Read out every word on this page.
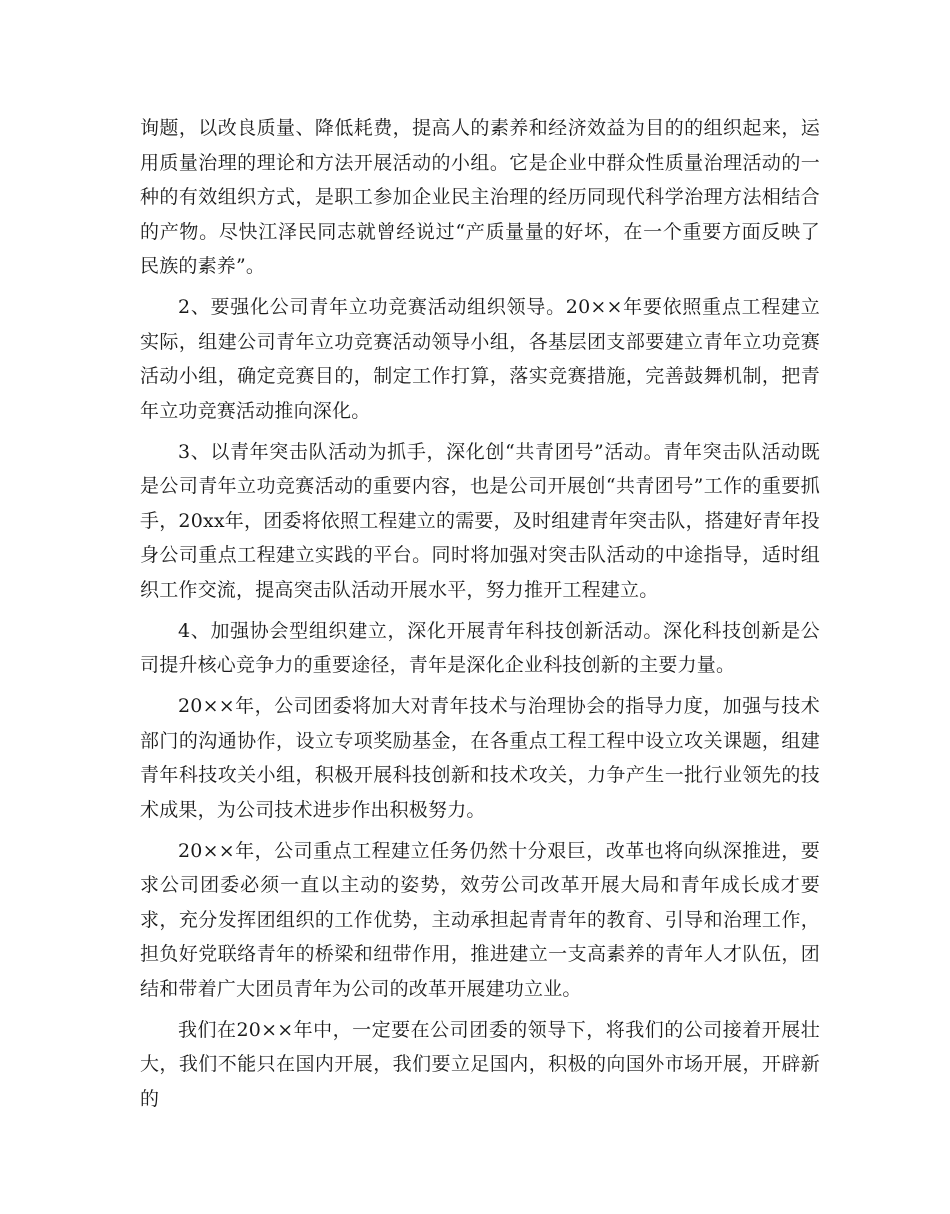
询题，以改良质量、降低耗费，提高人的素养和经济效益为目的的组织起来，运用质量治理的理论和方法开展活动的小组。它是企业中群众性质量治理活动的一种的有效组织方式，是职工参加企业民主治理的经历同现代科学治理方法相结合的产物。尽快江泽民同志就曾经说过“产质量量的好坏，在一个重要方面反映了民族的素养”。

2、要强化公司青年立功竞赛活动组织领导。20××年要依照重点工程建立实际，组建公司青年立功竞赛活动领导小组，各基层团支部要建立青年立功竞赛活动小组，确定竞赛目的，制定工作打算，落实竞赛措施，完善鼓舞机制，把青年立功竞赛活动推向深化。

3、以青年突击队活动为抓手，深化创“共青团号”活动。青年突击队活动既是公司青年立功竞赛活动的重要内容，也是公司开展创“共青团号”工作的重要抓手，20xx年，团委将依照工程建立的需要，及时组建青年突击队，搭建好青年投身公司重点工程建立实践的平台。同时将加强对突击队活动的中途指导，适时组织工作交流，提高突击队活动开展水平，努力推开工程建立。

4、加强协会型组织建立，深化开展青年科技创新活动。深化科技创新是公司提升核心竞争力的重要途径，青年是深化企业科技创新的主要力量。

20××年，公司团委将加大对青年技术与治理协会的指导力度，加强与技术部门的沟通协作，设立专项奖励基金，在各重点工程工程中设立攻关课题，组建青年科技攻关小组，积极开展科技创新和技术攻关，力争产生一批行业领先的技术成果，为公司技术进步作出积极努力。

20××年，公司重点工程建立任务仍然十分艰巨，改革也将向纵深推进，要求公司团委必须一直以主动的姿势，效劳公司改革开展大局和青年成长成才要求，充分发挥团组织的工作优势，主动承担起青青年的教育、引导和治理工作，担负好党联络青年的桥梁和纽带作用，推进建立一支高素养的青年人才队伍，团结和带着广大团员青年为公司的改革开展建功立业。

我们在20××年中，一定要在公司团委的领导下，将我们的公司接着开展壮大，我们不能只在国内开展，我们要立足国内，积极的向国外市场开展，开辟新的
